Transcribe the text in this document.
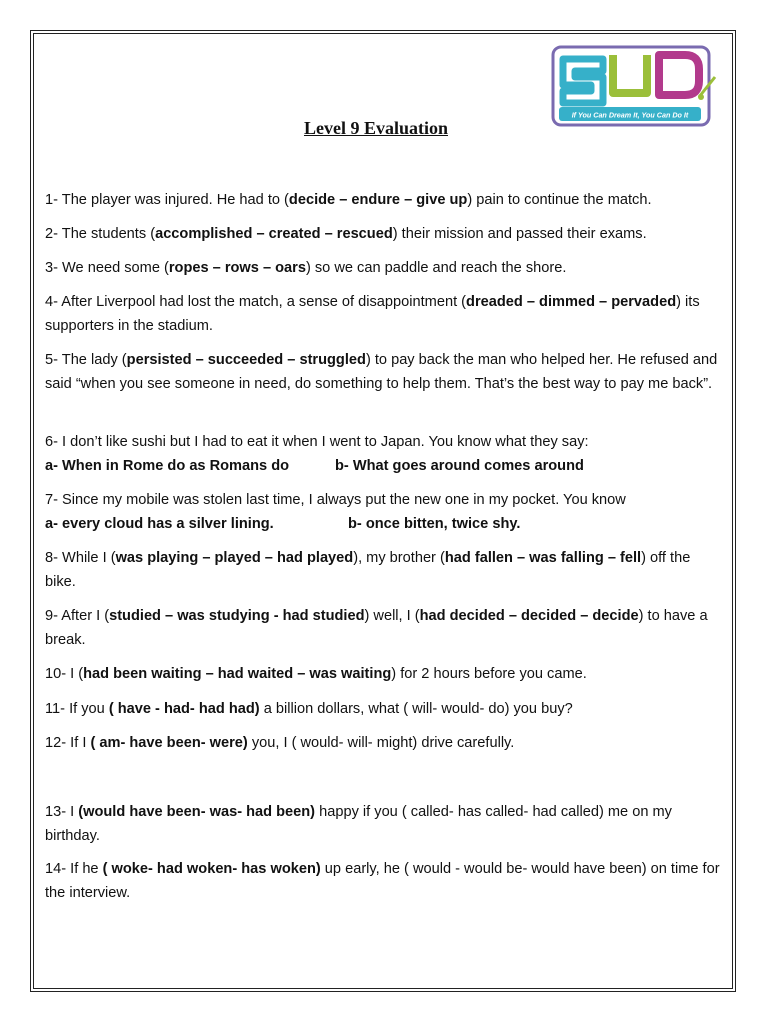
If You Can Dream It, You Can Do It
Level 9 Evaluation

1- The player was injured. He had to (decide – endure – give up) pain to continue the match.

2- The students (accomplished – created – rescued) their mission and passed their exams.

3- We need some (ropes – rows – oars) so we can paddle and reach the shore.

4- After Liverpool had lost the match, a sense of disappointment (dreaded – dimmed – pervaded) its supporters in the stadium.

5- The lady (persisted – succeeded – struggled) to pay back the man who helped her. He refused and said “when you see someone in need, do something to help them. That’s the best way to pay me back”.

6- I don’t like sushi but I had to eat it when I went to Japan. You know what they say:
a- When in Rome do as Romans do	b- What goes around comes around

7- Since my mobile was stolen last time, I always put the new one in my pocket. You know
a- every cloud has a silver lining.	b- once bitten, twice shy.

8- While I (was playing – played – had played), my brother (had fallen – was falling – fell) off the bike.

9- After I (studied – was studying - had studied) well, I (had decided – decided – decide) to have a break.

10- I (had been waiting – had waited – was waiting) for 2 hours before you came.

11- If you ( have - had- had had) a billion dollars, what ( will- would- do) you buy?

12- If I ( am- have been- were) you, I ( would- will- might) drive carefully.

13- I (would have been- was- had been) happy if you ( called- has called- had called) me on my birthday.

14- If he ( woke- had woken- has woken) up early, he ( would - would be- would have been) on time for the interview.
